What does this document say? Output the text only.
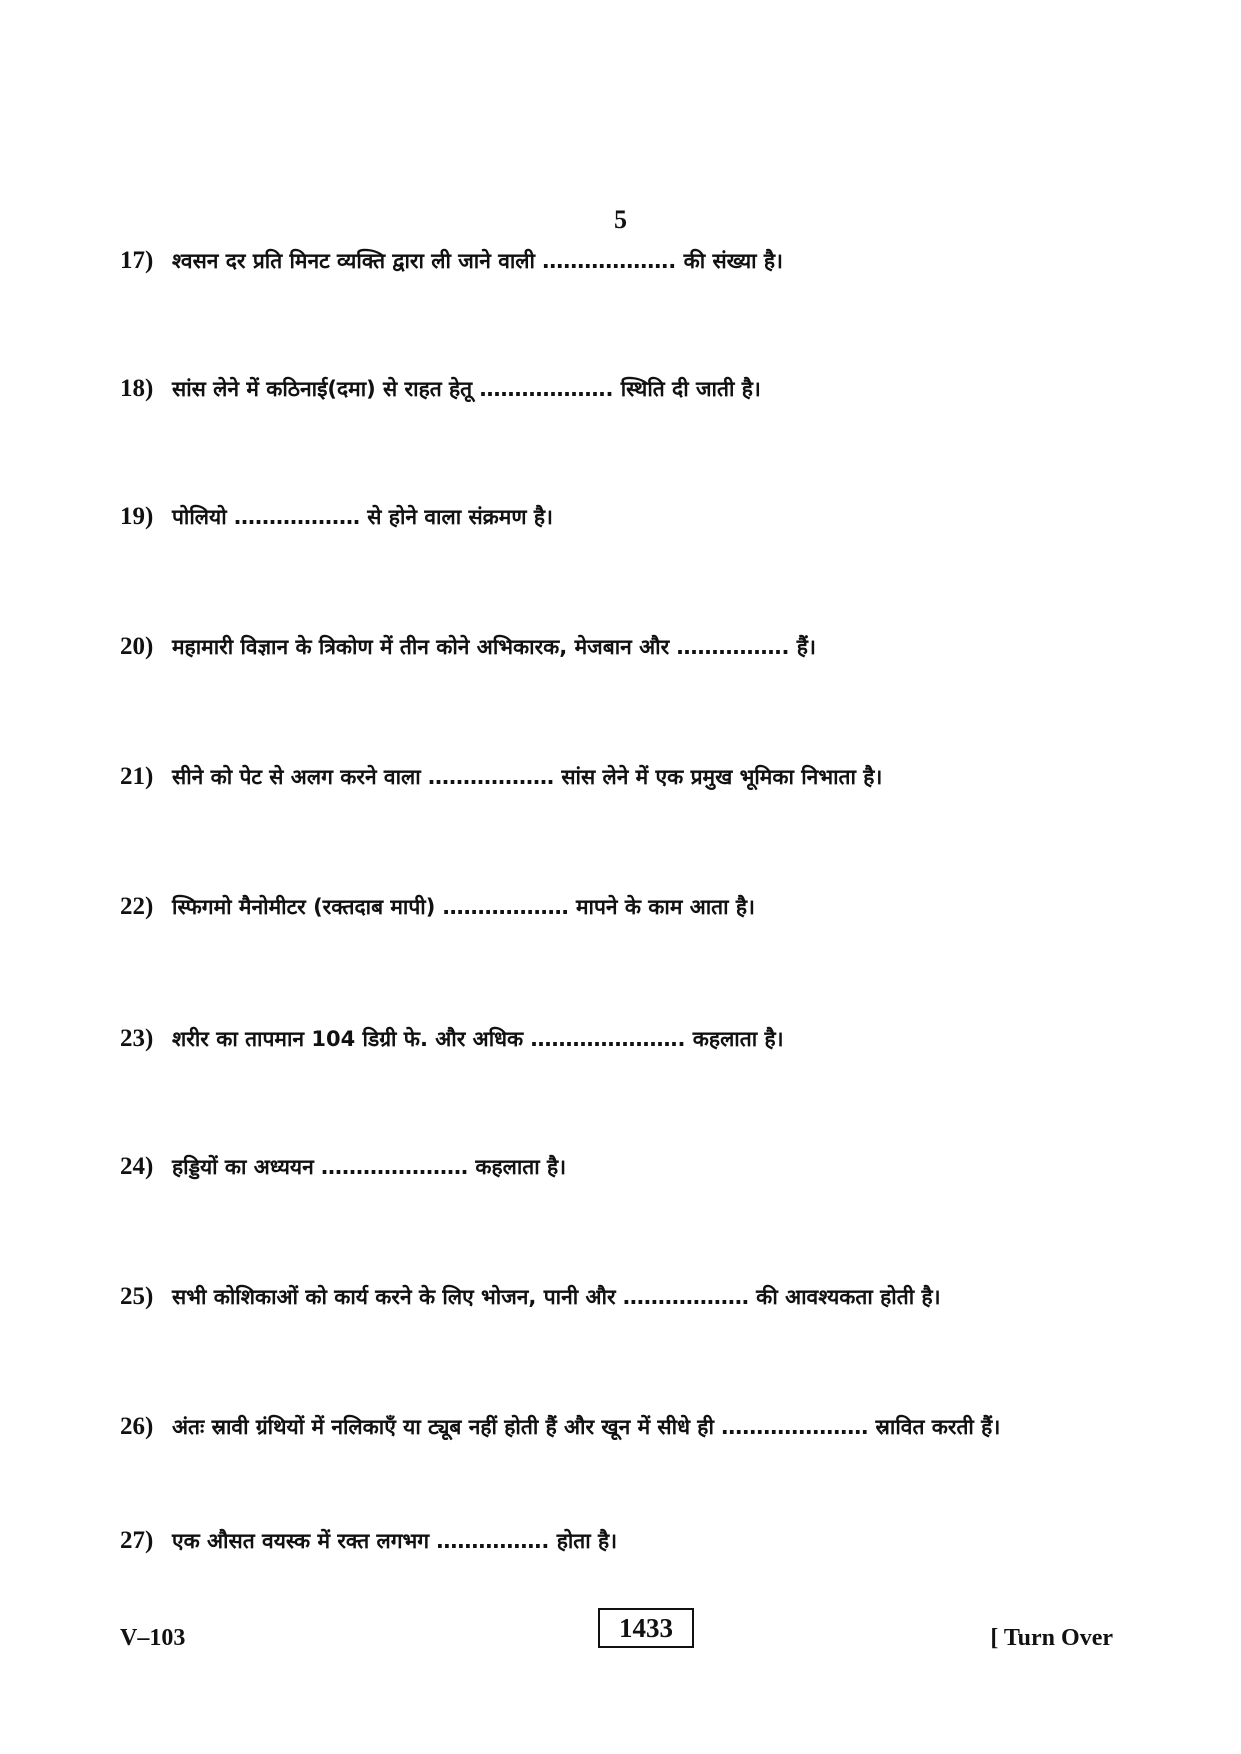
5
17) श्वसन दर प्रति मिनट व्यक्ति द्वारा ली जाने वाली ………………. की संख्या है।
18) सांस लेने में कठिनाई(दमा) से राहत हेतू ………………. स्थिति दी जाती है।
19) पोलियो ……………… से होने वाला संक्रमण है।
20) महामारी विज्ञान के त्रिकोण में तीन कोने अभिकारक, मेजबान और ……………. हैं।
21) सीने को पेट से अलग करने वाला ……………… सांस लेने में एक प्रमुख भूमिका निभाता है।
22) स्फिगमो मैनोमीटर (रक्तदाब मापी) ……………… मापने के काम आता है।
23) शरीर का तापमान 104 डिग्री फे. और अधिक …………………. कहलाता है।
24) हड्डियों का अध्ययन ………………… कहलाता है।
25) सभी कोशिकाओं को कार्य करने के लिए भोजन, पानी और ……………… की आवश्यकता होती है।
26) अंतः स्रावी ग्रंथियों में नलिकाएँ या ट्यूब नहीं होती हैं और खून में सीधे ही ………………… स्रावित करती हैं।
27) एक औसत वयस्क में रक्त लगभग ……………. होता है।
V–103	1433	[ Turn Over
